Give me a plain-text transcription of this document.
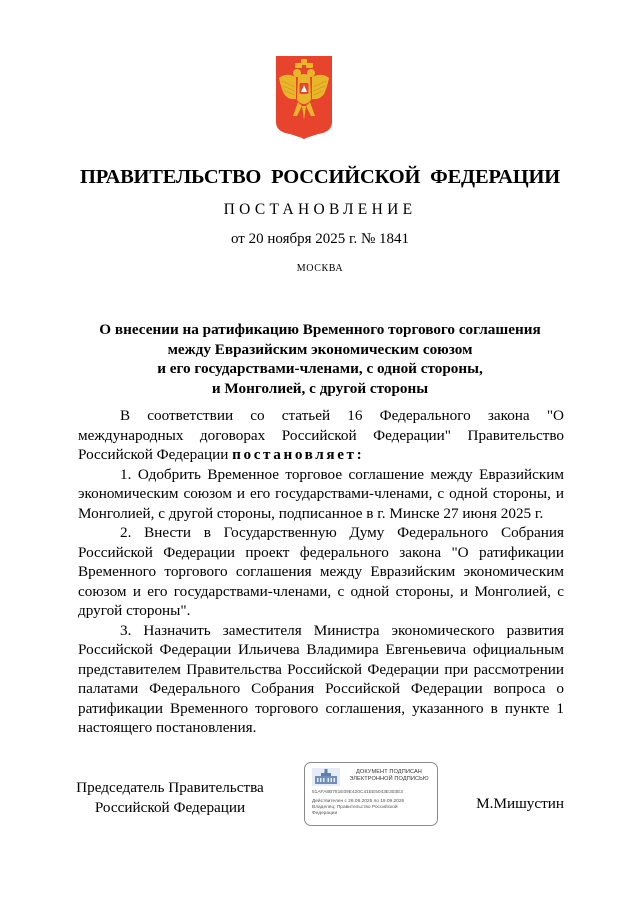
ПРАВИТЕЛЬСТВО РОССИЙСКОЙ ФЕДЕРАЦИИ
ПОСТАНОВЛЕНИЕ
от 20 ноября 2025 г. № 1841
МОСКВА
О внесении на ратификацию Временного торгового соглашения
между Евразийским экономическим союзом
и его государствами-членами, с одной стороны,
и Монголией, с другой стороны

В соответствии со статьей 16 Федерального закона "О международных договорах Российской Федерации" Правительство Российской Федерации постановляет:

1. Одобрить Временное торговое соглашение между Евразийским экономическим союзом и его государствами-членами, с одной стороны, и Монголией, с другой стороны, подписанное в г. Минске 27 июня 2025 г.

2. Внести в Государственную Думу Федерального Собрания Российской Федерации проект федерального закона "О ратификации Временного торгового соглашения между Евразийским экономическим союзом и его государствами-членами, с одной стороны, и Монголией, с другой стороны".

3. Назначить заместителя Министра экономического развития Российской Федерации Ильичева Владимира Евгеньевича официальным представителем Правительства Российской Федерации при рассмотрении палатами Федерального Собрания Российской Федерации вопроса о ратификации Временного торгового соглашения, указанного в пункте 1 настоящего постановления.

Председатель Правительства
Российской Федерации
ДОКУМЕНТ ПОДПИСАН
ЭЛЕКТРОННОЙ ПОДПИСЬЮ
51AFA8B781E09E420C41EE5043E303E3
Действителен с 26.06.2025 по 19.09.2026
Владелец: Правительство Российской
Федерации
М.Мишустин
